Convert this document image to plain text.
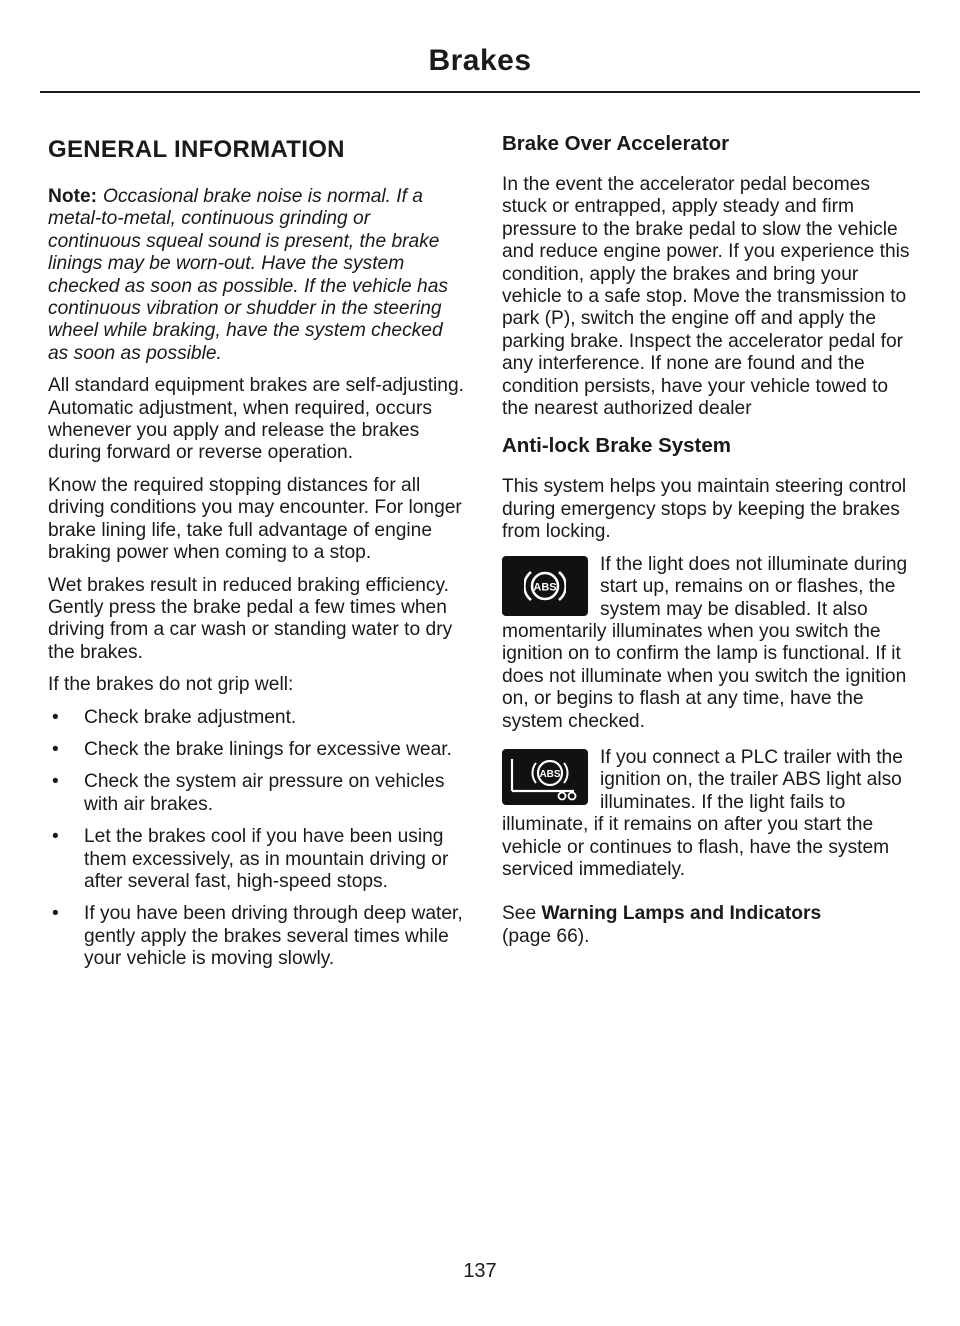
Brakes
GENERAL INFORMATION

Note: Occasional brake noise is normal. If a metal-to-metal, continuous grinding or continuous squeal sound is present, the brake linings may be worn-out. Have the system checked as soon as possible. If the vehicle has continuous vibration or shudder in the steering wheel while braking, have the system checked as soon as possible.

All standard equipment brakes are self-adjusting. Automatic adjustment, when required, occurs whenever you apply and release the brakes during forward or reverse operation.

Know the required stopping distances for all driving conditions you may encounter. For longer brake lining life, take full advantage of engine braking power when coming to a stop.

Wet brakes result in reduced braking efficiency. Gently press the brake pedal a few times when driving from a car wash or standing water to dry the brakes.

If the brakes do not grip well:

• Check brake adjustment.
• Check the brake linings for excessive wear.
• Check the system air pressure on vehicles with air brakes.
• Let the brakes cool if you have been using them excessively, as in mountain driving or after several fast, high-speed stops.
• If you have been driving through deep water, gently apply the brakes several times while your vehicle is moving slowly.
Brake Over Accelerator

In the event the accelerator pedal becomes stuck or entrapped, apply steady and firm pressure to the brake pedal to slow the vehicle and reduce engine power. If you experience this condition, apply the brakes and bring your vehicle to a safe stop. Move the transmission to park (P), switch the engine off and apply the parking brake. Inspect the accelerator pedal for any interference. If none are found and the condition persists, have your vehicle towed to the nearest authorized dealer

Anti-lock Brake System

This system helps you maintain steering control during emergency stops by keeping the brakes from locking.

ABS

If the light does not illuminate during start up, remains on or flashes, the system may be disabled. It also momentarily illuminates when you switch the ignition on to confirm the lamp is functional. If it does not illuminate when you switch the ignition on, or begins to flash at any time, have the system checked.

ABS

If you connect a PLC trailer with the ignition on, the trailer ABS light also illuminates. If the light fails to illuminate, if it remains on after you start the vehicle or continues to flash, have the system serviced immediately.

See Warning Lamps and Indicators
(page 66).

137
